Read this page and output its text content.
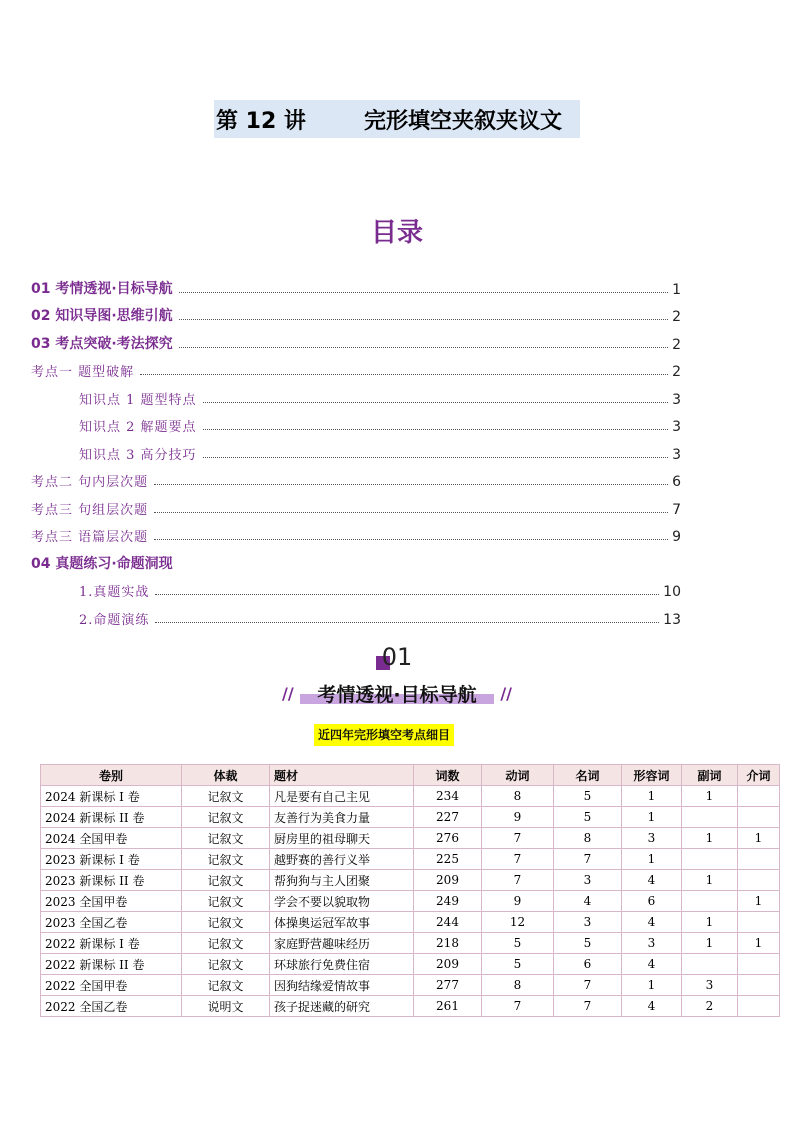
第 12 讲	完形填空夹叙夹议文
目录
01 考情透视·目标导航	1
02 知识导图·思维引航	2
03 考点突破·考法探究	2
考点一 题型破解	2
知识点 1 题型特点	3
知识点 2 解题要点	3
知识点 3 高分技巧	3
考点二 句内层次题	6
考点三 句组层次题	7
考点三 语篇层次题	9
04 真题练习·命题洞现
1.真题实战	10
2.命题演练	13
01
//	//
考情透视·目标导航
近四年完形填空考点细目
卷别	体裁	题材	词数	动词	名词	形容词	副词	介词
2024 新课标 I 卷	记叙文	凡是要有自己主见	234	8	5	1	1	
2024 新课标 II 卷	记叙文	友善行为美食力量	227	9	5	1		
2024 全国甲卷	记叙文	厨房里的祖母聊天	276	7	8	3	1	1
2023 新课标 I 卷	记叙文	越野赛的善行义举	225	7	7	1		
2023 新课标 II 卷	记叙文	帮狗狗与主人团聚	209	7	3	4	1	
2023 全国甲卷	记叙文	学会不要以貌取物	249	9	4	6		1
2023 全国乙卷	记叙文	体操奥运冠军故事	244	12	3	4	1	
2022 新课标 I 卷	记叙文	家庭野营趣味经历	218	5	5	3	1	1
2022 新课标 II 卷	记叙文	环球旅行免费住宿	209	5	6	4		
2022 全国甲卷	记叙文	因狗结缘爱情故事	277	8	7	1	3	
2022 全国乙卷	说明文	孩子捉迷藏的研究	261	7	7	4	2	
